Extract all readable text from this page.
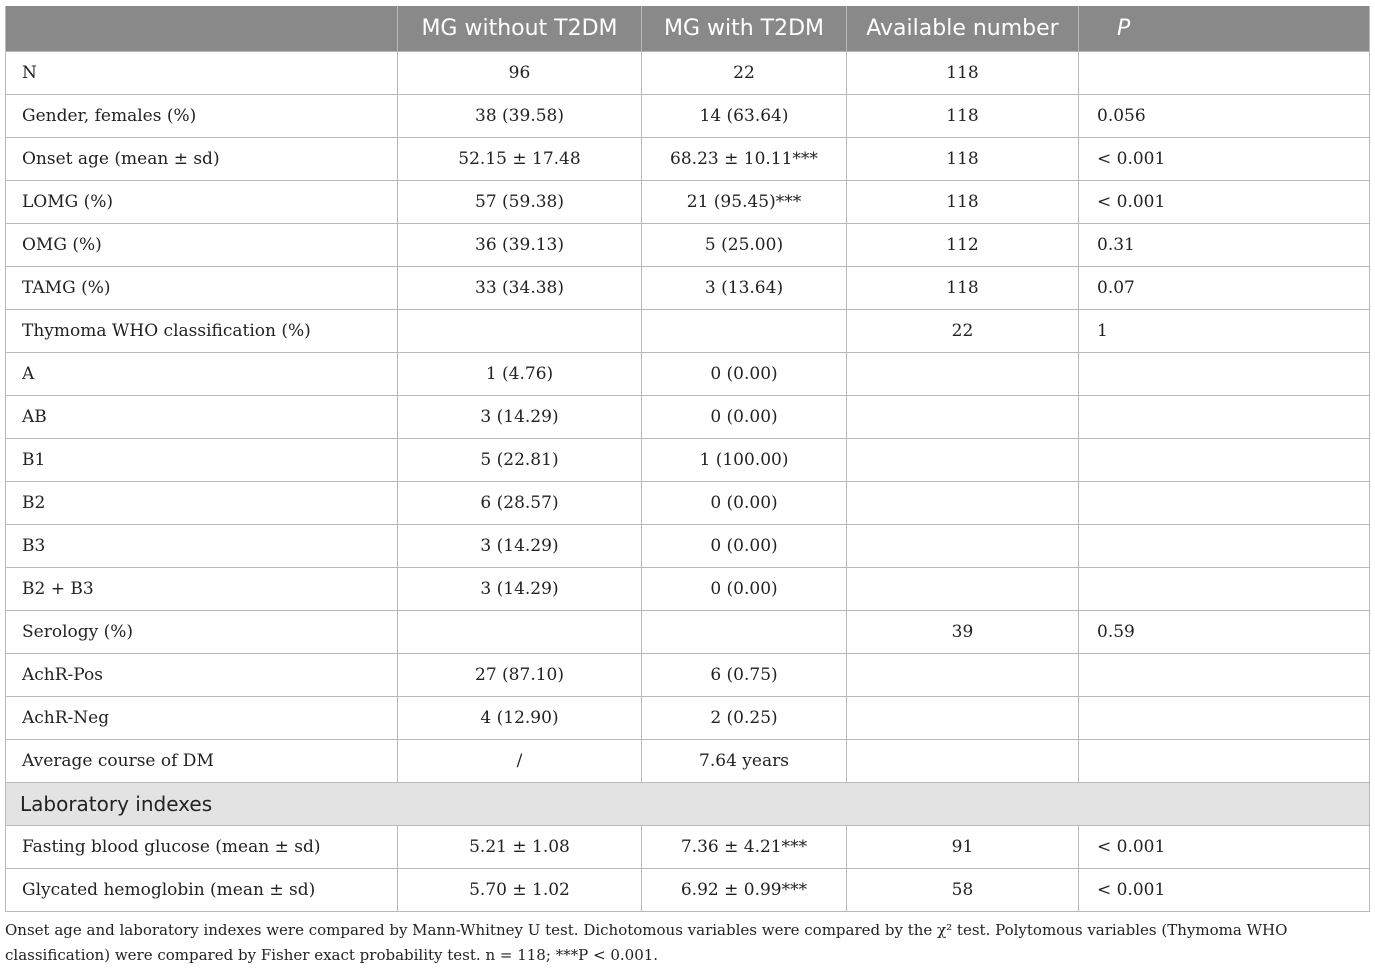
	MG without T2DM	MG with T2DM	Available number	P
N	96	22	118	
Gender, females (%)	38 (39.58)	14 (63.64)	118	0.056
Onset age (mean ± sd)	52.15 ± 17.48	68.23 ± 10.11***	118	< 0.001
LOMG (%)	57 (59.38)	21 (95.45)***	118	< 0.001
OMG (%)	36 (39.13)	5 (25.00)	112	0.31
TAMG (%)	33 (34.38)	3 (13.64)	118	0.07
Thymoma WHO classification (%)			22	1
A	1 (4.76)	0 (0.00)		
AB	3 (14.29)	0 (0.00)		
B1	5 (22.81)	1 (100.00)		
B2	6 (28.57)	0 (0.00)		
B3	3 (14.29)	0 (0.00)		
B2 + B3	3 (14.29)	0 (0.00)		
Serology (%)			39	0.59
AchR-Pos	27 (87.10)	6 (0.75)		
AchR-Neg	4 (12.90)	2 (0.25)		
Average course of DM	/	7.64 years		
Laboratory indexes				
Fasting blood glucose (mean ± sd)	5.21 ± 1.08	7.36 ± 4.21***	91	< 0.001
Glycated hemoglobin (mean ± sd)	5.70 ± 1.02	6.92 ± 0.99***	58	< 0.001
Onset age and laboratory indexes were compared by Mann-Whitney U test. Dichotomous variables were compared by the χ² test. Polytomous variables (Thymoma WHO classification) were compared by Fisher exact probability test. n = 118; ***P < 0.001.
